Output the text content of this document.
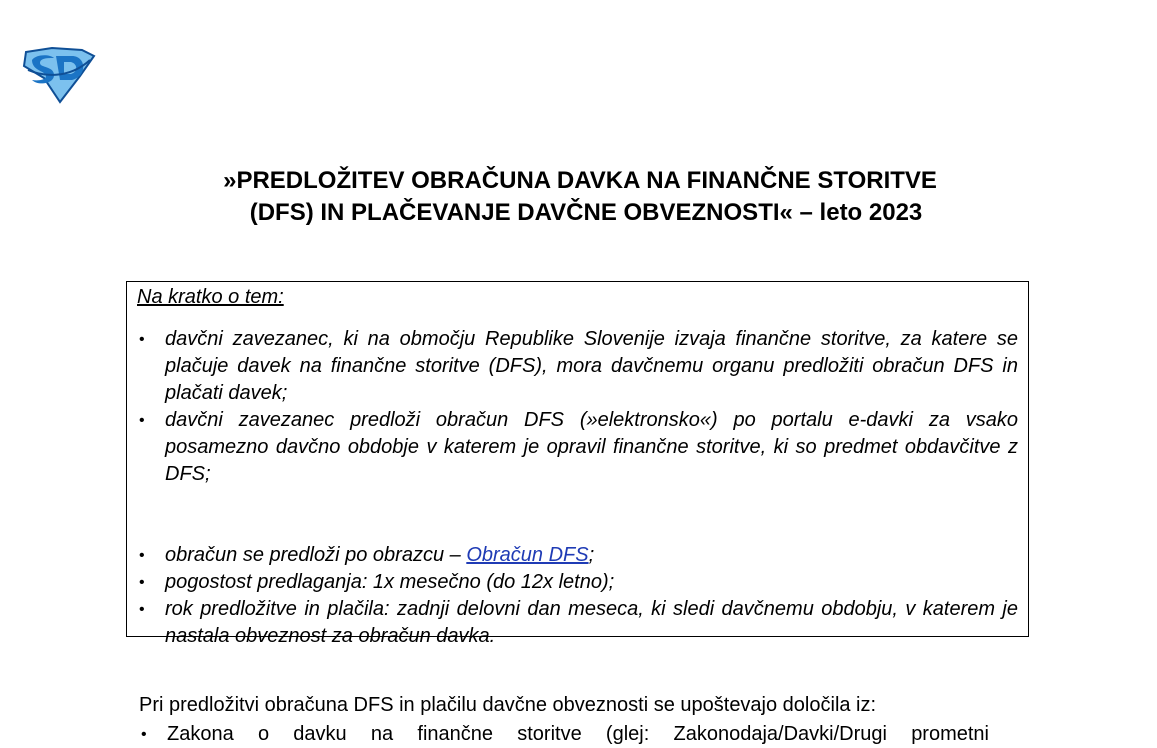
»PREDLOŽITEV OBRAČUNA DAVKA NA FINANČNE STORITVE
(DFS) IN PLAČEVANJE DAVČNE OBVEZNOSTI« – leto 2023
Na kratko o tem:
• davčni zavezanec, ki na območju Republike Slovenije izvaja finančne storitve, za katere se plačuje davek na finančne storitve (DFS), mora davčnemu organu predložiti obračun DFS in plačati davek;
• davčni zavezanec predloži obračun DFS (»elektronsko«) po portalu e-davki za vsako posamezno davčno obdobje v katerem je opravil finančne storitve, ki so predmet obdavčitve z DFS;
• obračun se predloži po obrazcu – Obračun DFS;
• pogostost predlaganja: 1x mesečno (do 12x letno);
• rok predložitve in plačila: zadnji delovni dan meseca, ki sledi davčnemu obdobju, v katerem je nastala obveznost za obračun davka.
Pri predložitvi obračuna DFS in plačilu davčne obveznosti se upoštevajo določila iz:
• Zakona o davku na finančne storitve (glej: Zakonodaja/Davki/Drugi prometni
